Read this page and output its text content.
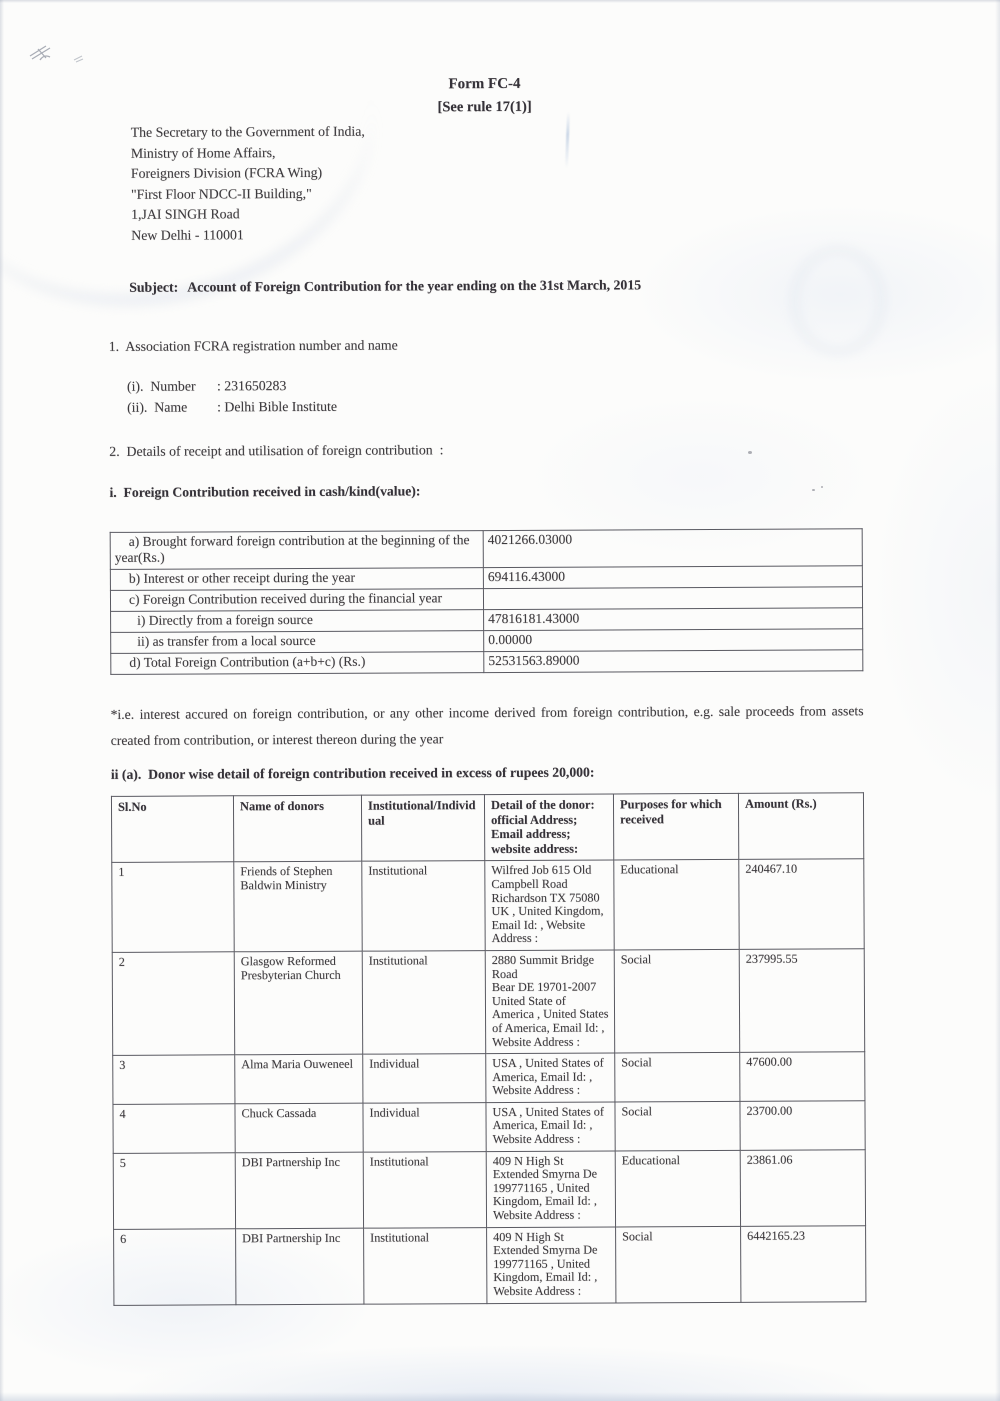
Form FC-4
[See rule 17(1)]
The Secretary to the Government of India,
Ministry of Home Affairs,
Foreigners Division (FCRA Wing)
"First Floor NDCC-II Building,"
1,JAI SINGH Road
New Delhi - 110001

Subject: Account of Foreign Contribution for the year ending on the 31st March, 2015

1.  Association FCRA registration number and name
(i).  Number : 231650283
(ii).  Name : Delhi Bible Institute
2.  Details of receipt and utilisation of foreign contribution  :
i.  Foreign Contribution received in cash/kind(value):
a) Brought forward foreign contribution at the beginning of the year(Rs.)	4021266.03000
b) Interest or other receipt during the year	694116.43000
c) Foreign Contribution received during the financial year	
i) Directly from a foreign source	47816181.43000
ii) as transfer from a local source	0.00000
d) Total Foreign Contribution (a+b+c) (Rs.)	52531563.89000
*i.e. interest accured on foreign contribution, or any other income derived from foreign contribution, e.g. sale proceeds from assets created from contribution, or interest thereon during the year
ii (a).  Donor wise detail of foreign contribution received in excess of rupees 20,000:
Sl.No	Name of donors	Institutional/Individual	Detail of the donor:
official Address;
Email address;
website address:	Purposes for which received	Amount (Rs.)
1	Friends of Stephen Baldwin Ministry	Institutional	Wilfred Job 615 Old
Campbell Road
Richardson TX 75080
UK , United Kingdom,
Email Id: , Website
Address :	Educational	240467.10
2	Glasgow Reformed Presbyterian Church	Institutional	2880 Summit Bridge
Road
Bear DE 19701-2007
United State of
America , United States
of America, Email Id: ,
Website Address :	Social	237995.55
3	Alma Maria Ouweneel	Individual	USA , United States of
America, Email Id: ,
Website Address :	Social	47600.00
4	Chuck Cassada	Individual	USA , United States of
America, Email Id: ,
Website Address :	Social	23700.00
5	DBI Partnership Inc	Institutional	409 N High St
Extended Smyrna De
199771165 , United
Kingdom, Email Id: ,
Website Address :	Educational	23861.06
6	DBI Partnership Inc	Institutional	409 N High St
Extended Smyrna De
199771165 , United
Kingdom, Email Id: ,
Website Address :	Social	6442165.23
